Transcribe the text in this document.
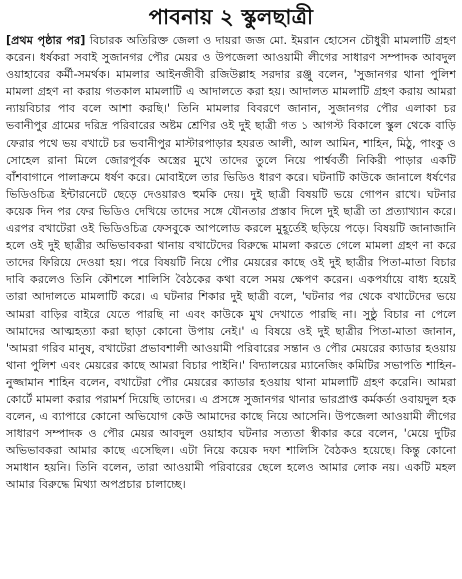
পাবনায় ২ স্কুলছাত্রী

[প্রথম পৃষ্ঠার পর] বিচারক অতিরিক্ত জেলা ও দায়রা জজ মো. ইমরান হোসেন চৌধুরী মামলাটি গ্রহণ করেন। ধর্ষকরা সবাই সুজানগর পৌর মেয়র ও উপজেলা আওয়ামী লীগের সাধারণ সম্পাদক আবদুল ওয়াহাবের কর্মী-সমর্থক। মামলার আইনজীবী রজিউল্লাহ সরদার রঞ্জু বলেন, 'সুজানগর থানা পুলিশ মামলা গ্রহণ না করায় গতকাল মামলাটি এ আদালতে করা হয়। আদালত মামলাটি গ্রহণ করায় আমরা ন্যায়বিচার পাব বলে আশা করছি।' তিনি মামলার বিবরণে জানান, সুজানগর পৌর এলাকা চর ভবানীপুর গ্রামের দরিদ্র পরিবারের অষ্টম শ্রেণির ওই দুই ছাত্রী গত ১ আগস্ট বিকালে স্কুল থেকে বাড়ি ফেরার পথে ভয় বখাটে চর ভবানীপুর মাস্টারপাড়ার হযরত আলী, আল আমিন, শাহিন, মিঠু, পাংকু ও সোহেল রানা মিলে জোরপূর্বক অস্ত্রের মুখে তাদের তুলে নিয়ে পার্শ্ববর্তী নিকিরী পাড়ার একটি বাঁশবাগানে পালাক্রমে ধর্ষণ করে। মোবাইলে তার ভিডিও ধারণ করে। ঘটনাটি কাউকে জানালে ধর্ষণের ভিডিওচিত্র ইন্টারনেটে ছেড়ে দেওয়ারও হুমকি দেয়। দুই ছাত্রী বিষয়টি ভয়ে গোপন রাখে। ঘটনার কয়েক দিন পর ফের ভিডিও দেখিয়ে তাদের সঙ্গে যৌনতার প্রস্তাব দিলে দুই ছাত্রী তা প্রত্যাখ্যান করে। এরপর বখাটেরা ওই ভিডিওচিত্র ফেসবুকে আপলোড করলে মুহূর্তেই ছড়িয়ে পড়ে। বিষয়টি জানাজানি হলে ওই দুই ছাত্রীর অভিভাবকরা থানায় বখাটেদের বিরুদ্ধে মামলা করতে গেলে মামলা গ্রহণ না করে তাদের ফিরিয়ে দেওয়া হয়। পরে বিষয়টি নিয়ে পৌর মেয়রের কাছে ওই দুই ছাত্রীর পিতা-মাতা বিচার দাবি করলেও তিনি কৌশলে শালিসি বৈঠকের কথা বলে সময় ক্ষেপণ করেন। একপর্যায়ে বাধ্য হয়েই তারা আদালতে মামলাটি করে। এ ঘটনার শিকার দুই ছাত্রী বলে, 'ঘটনার পর থেকে বখাটেদের ভয়ে আমরা বাড়ির বাইরে যেতে পারছি না এবং কাউকে মুখ দেখাতে পারছি না। সুষ্ঠু বিচার না পেলে আমাদের আত্মহত্যা করা ছাড়া কোনো উপায় নেই।' এ বিষয়ে ওই দুই ছাত্রীর পিতা-মাতা জানান, 'আমরা গরিব মানুষ, বখাটেরা প্রভাবশালী আওয়ামী পরিবারের সন্তান ও পৌর মেয়রের ক্যাডার হওয়ায় থানা পুলিশ এবং মেয়রের কাছে আমরা বিচার পাইনি।' বিদ্যালয়ের ম্যানেজিং কমিটির সভাপতি শাহিন-নুজ্জামান শাহিন বলেন, বখাটেরা পৌর মেয়রের ক্যাডার হওয়ায় থানা মামলাটি গ্রহণ করেনি। আমরা কোর্টে মামলা করার পরামর্শ দিয়েছি তাদের। এ প্রসঙ্গে সুজানগর থানার ভারপ্রাপ্ত কর্মকর্তা ওবায়দুল হক বলেন, এ ব্যাপারে কোনো অভিযোগ কেউ আমাদের কাছে নিয়ে আসেনি। উপজেলা আওয়ামী লীগের সাধারণ সম্পাদক ও পৌর মেয়র আবদুল ওয়াহাব ঘটনার সত্যতা স্বীকার করে বলেন, 'মেয়ে দুটির অভিভাবকরা আমার কাছে এসেছিল। এটা নিয়ে কয়েক দফা শালিসি বৈঠকও হয়েছে। কিন্তু কোনো সমাধান হয়নি। তিনি বলেন, তারা আওয়ামী পরিবারের ছেলে হলেও আমার লোক নয়। একটি মহল আমার বিরুদ্ধে মিথ্যা অপপ্রচার চালাচ্ছে।
